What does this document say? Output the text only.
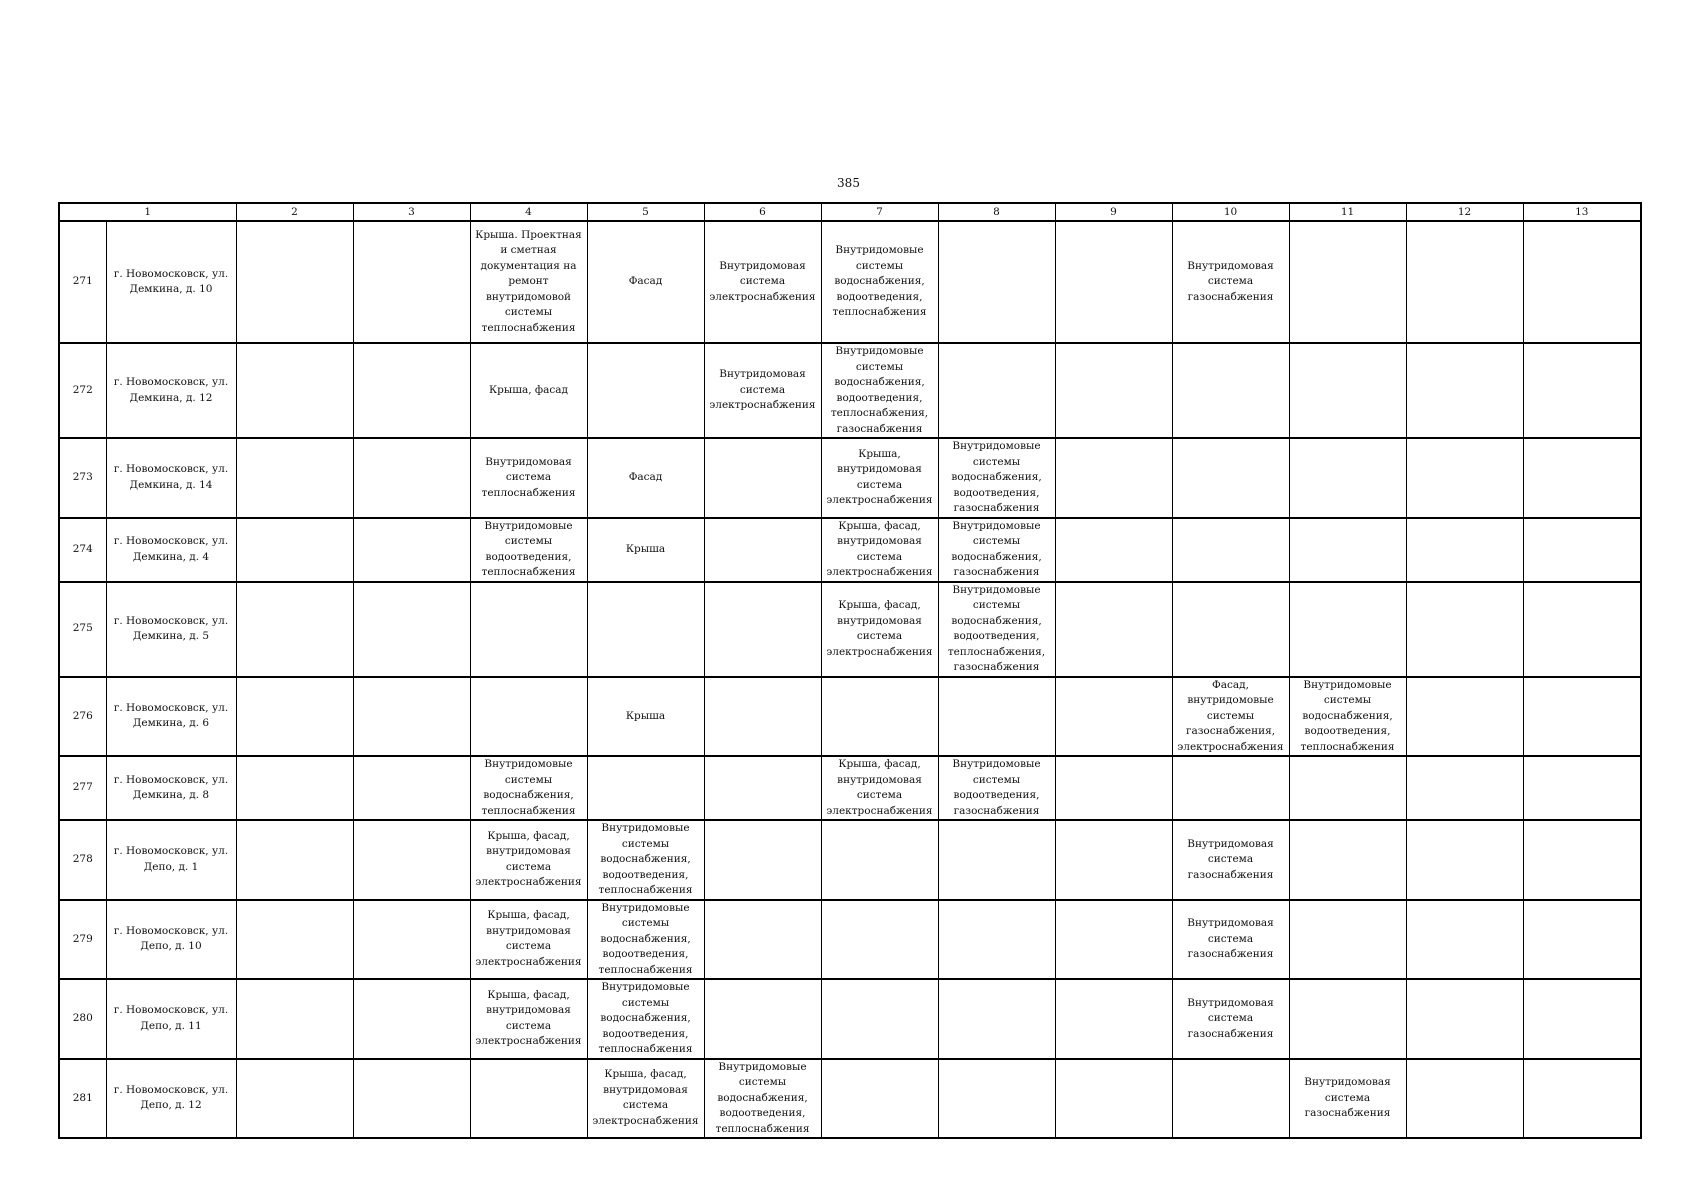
385
1		2	3	4	5	6	7	8	9	10	11	12	13
271	г. Новомосковск, ул. Демкина, д. 10			Крыша. Проектная и сметная документация на ремонт внутридомовой системы теплоснабжения	Фасад	Внутридомовая система электроснабжения	Внутридомовые системы водоснабжения, водоотведения, теплоснабжения			Внутридомовая система газоснабжения			
272	г. Новомосковск, ул. Демкина, д. 12			Крыша, фасад		Внутридомовая система электроснабжения	Внутридомовые системы водоснабжения, водоотведения, теплоснабжения, газоснабжения						
273	г. Новомосковск, ул. Демкина, д. 14			Внутридомовая система теплоснабжения	Фасад		Крыша, внутридомовая система электроснабжения	Внутридомовые системы водоснабжения, водоотведения, газоснабжения					
274	г. Новомосковск, ул. Демкина, д. 4			Внутридомовые системы водоотведения, теплоснабжения	Крыша		Крыша, фасад, внутридомовая система электроснабжения	Внутридомовые системы водоснабжения, газоснабжения					
275	г. Новомосковск, ул. Демкина, д. 5						Крыша, фасад, внутридомовая система электроснабжения	Внутридомовые системы водоснабжения, водоотведения, теплоснабжения, газоснабжения					
276	г. Новомосковск, ул. Демкина, д. 6				Крыша					Фасад, внутридомовые системы газоснабжения, электроснабжения	Внутридомовые системы водоснабжения, водоотведения, теплоснабжения		
277	г. Новомосковск, ул. Демкина, д. 8			Внутридомовые системы водоснабжения, теплоснабжения			Крыша, фасад, внутридомовая система электроснабжения	Внутридомовые системы водоотведения, газоснабжения					
278	г. Новомосковск, ул. Депо, д. 1			Крыша, фасад, внутридомовая система электроснабжения	Внутридомовые системы водоснабжения, водоотведения, теплоснабжения					Внутридомовая система газоснабжения			
279	г. Новомосковск, ул. Депо, д. 10			Крыша, фасад, внутридомовая система электроснабжения	Внутридомовые системы водоснабжения, водоотведения, теплоснабжения					Внутридомовая система газоснабжения			
280	г. Новомосковск, ул. Депо, д. 11			Крыша, фасад, внутридомовая система электроснабжения	Внутридомовые системы водоснабжения, водоотведения, теплоснабжения					Внутридомовая система газоснабжения			
281	г. Новомосковск, ул. Депо, д. 12				Крыша, фасад, внутридомовая система электроснабжения	Внутридомовые системы водоснабжения, водоотведения, теплоснабжения					Внутридомовая система газоснабжения		
